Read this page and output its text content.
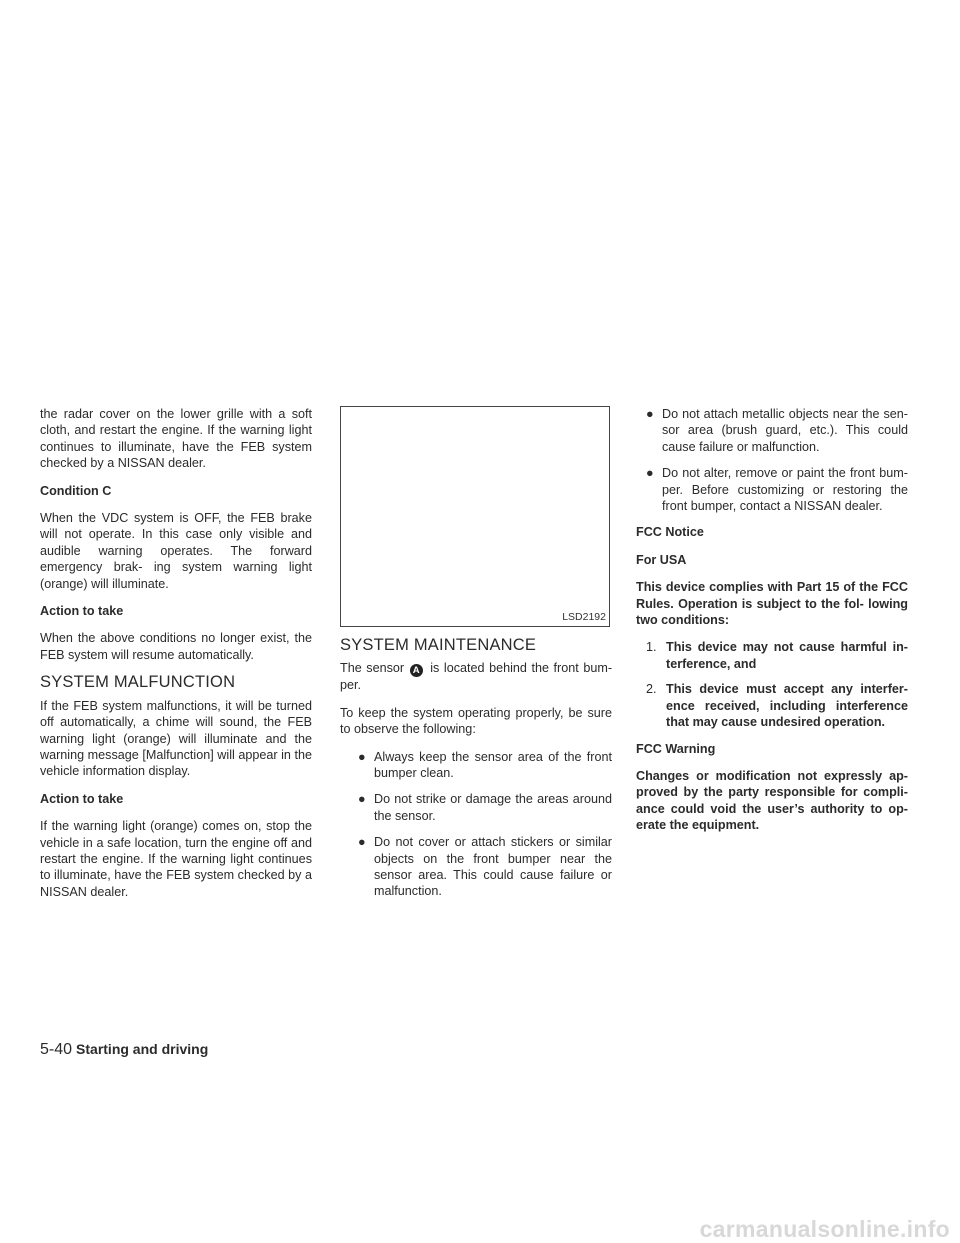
the radar cover on the lower grille with a soft cloth, and restart the engine. If the warning light continues to illuminate, have the FEB system checked by a NISSAN dealer.

Condition C

When the VDC system is OFF, the FEB brake will not operate. In this case only visible and audible warning operates. The forward emergency brak- ing system warning light (orange) will illuminate.

Action to take

When the above conditions no longer exist, the FEB system will resume automatically.

SYSTEM MALFUNCTION

If the FEB system malfunctions, it will be turned off automatically, a chime will sound, the FEB warning light (orange) will illuminate and the warning message [Malfunction] will appear in the vehicle information display.

Action to take

If the warning light (orange) comes on, stop the vehicle in a safe location, turn the engine off and restart the engine. If the warning light continues to illuminate, have the FEB system checked by a NISSAN dealer.

LSD2192
SYSTEM MAINTENANCE

The sensor A is located behind the front bum- per.

To keep the system operating properly, be sure to observe the following:

● Always keep the sensor area of the front bumper clean.
● Do not strike or damage the areas around the sensor.
● Do not cover or attach stickers or similar objects on the front bumper near the sensor area. This could cause failure or malfunction.
● Do not attach metallic objects near the sen- sor area (brush guard, etc.). This could cause failure or malfunction.
● Do not alter, remove or paint the front bum- per. Before customizing or restoring the front bumper, contact a NISSAN dealer.

FCC Notice

For USA

This device complies with Part 15 of the FCC Rules. Operation is subject to the fol- lowing two conditions:

1. This device may not cause harmful in- terference, and
2. This device must accept any interfer- ence received, including interference that may cause undesired operation.

FCC Warning

Changes or modification not expressly ap- proved by the party responsible for compli- ance could void the user’s authority to op- erate the equipment.

5-40 Starting and driving
carmanualsonline.info
